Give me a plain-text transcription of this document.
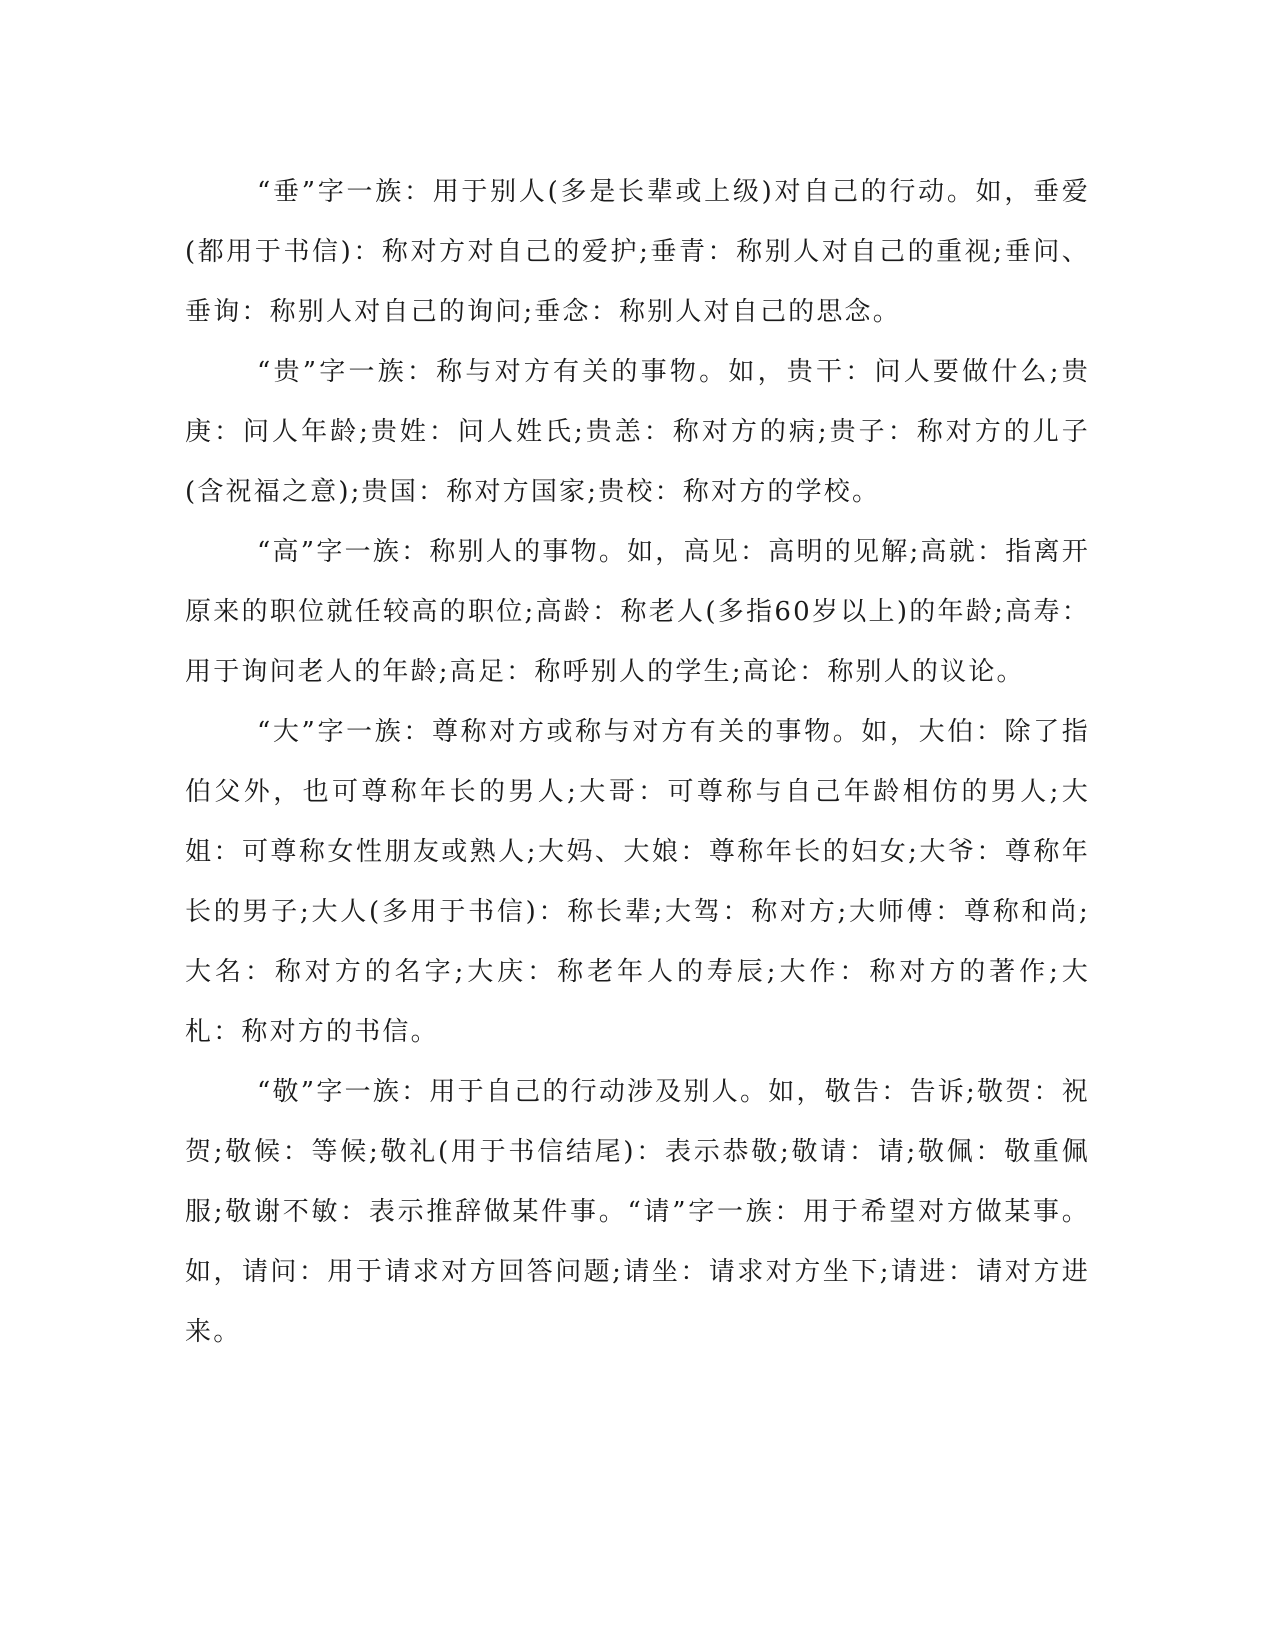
“垂”字一族：用于别人(多是长辈或上级)对自己的行动。如，垂爱(都用于书信)：称对方对自己的爱护;垂青：称别人对自己的重视;垂问、垂询：称别人对自己的询问;垂念：称别人对自己的思念。

“贵”字一族：称与对方有关的事物。如，贵干：问人要做什么;贵庚：问人年龄;贵姓：问人姓氏;贵恙：称对方的病;贵子：称对方的儿子(含祝福之意);贵国：称对方国家;贵校：称对方的学校。

“高”字一族：称别人的事物。如，高见：高明的见解;高就：指离开原来的职位就任较高的职位;高龄：称老人(多指60岁以上)的年龄;高寿：用于询问老人的年龄;高足：称呼别人的学生;高论：称别人的议论。

“大”字一族：尊称对方或称与对方有关的事物。如，大伯：除了指伯父外，也可尊称年长的男人;大哥：可尊称与自己年龄相仿的男人;大姐：可尊称女性朋友或熟人;大妈、大娘：尊称年长的妇女;大爷：尊称年长的男子;大人(多用于书信)：称长辈;大驾：称对方;大师傅：尊称和尚;大名：称对方的名字;大庆：称老年人的寿辰;大作：称对方的著作;大札：称对方的书信。

“敬”字一族：用于自己的行动涉及别人。如，敬告：告诉;敬贺：祝贺;敬候：等候;敬礼(用于书信结尾)：表示恭敬;敬请：请;敬佩：敬重佩服;敬谢不敏：表示推辞做某件事。“请”字一族：用于希望对方做某事。如，请问：用于请求对方回答问题;请坐：请求对方坐下;请进：请对方进来。
